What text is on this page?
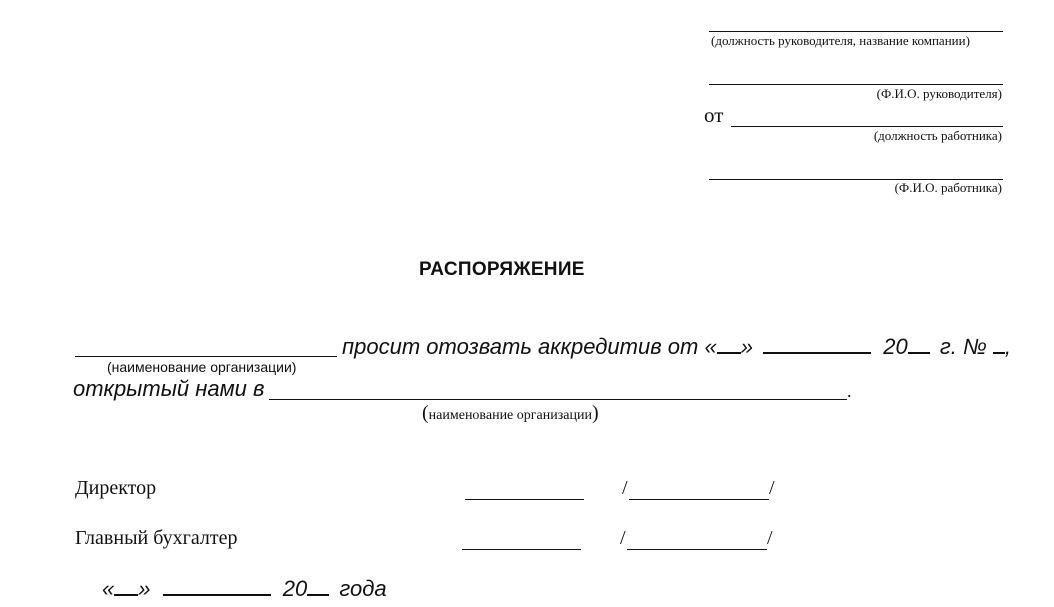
(должность руководителя, название компании)
(Ф.И.О. руководителя)
от
(должность работника)
(Ф.И.О. работника)
РАСПОРЯЖЕНИЕ
просит отозвать аккредитив от « »	20 г. № ,
(наименование организации)
открытый нами в	.
(наименование организации)
Директор	/	/
Главный бухгалтер	/	/
« »	20 года
